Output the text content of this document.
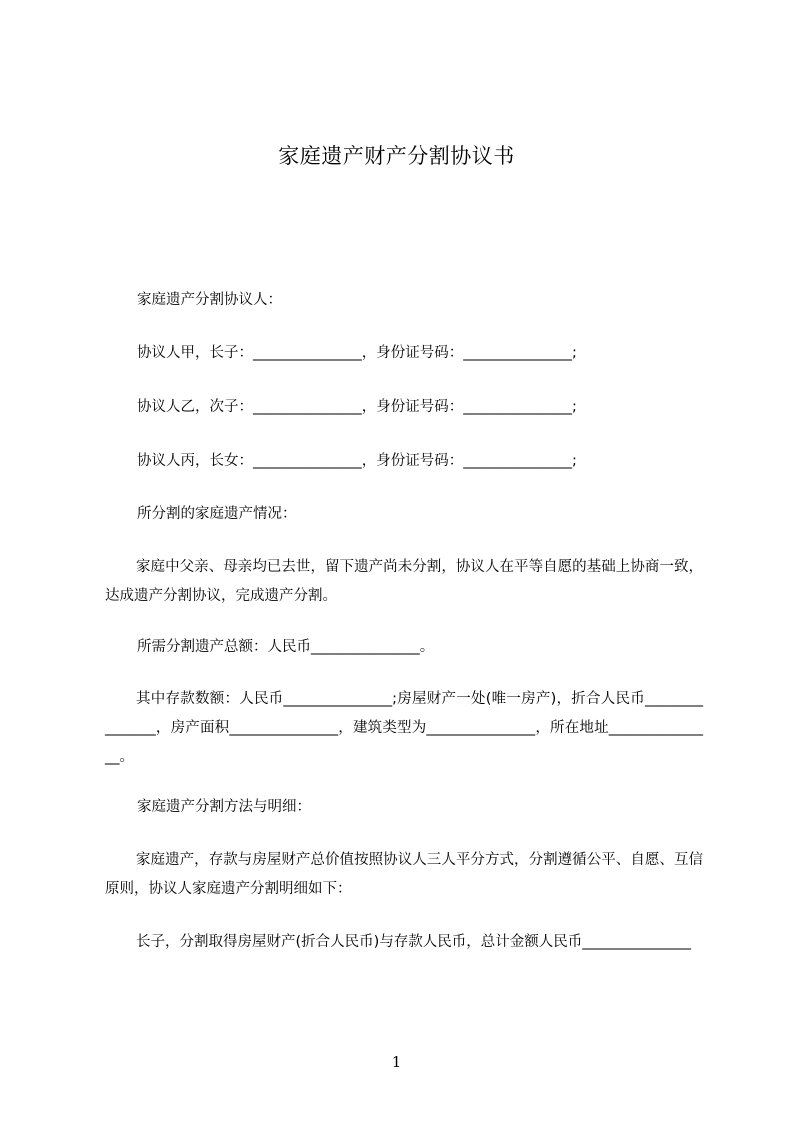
家庭遗产财产分割协议书
家庭遗产分割协议人：
协议人甲，长子：_______________，身份证号码：_______________;
协议人乙，次子：_______________，身份证号码：_______________;
协议人丙，长女：_______________，身份证号码：_______________;
所分割的家庭遗产情况：
家庭中父亲、母亲均已去世，留下遗产尚未分割，协议人在平等自愿的基础上协商一致，达成遗产分割协议，完成遗产分割。
所需分割遗产总额：人民币_______________。
其中存款数额：人民币_______________;房屋财产一处(唯一房产)，折合人民币_______________，房产面积_______________，建筑类型为_______________，所在地址_______________。
家庭遗产分割方法与明细：
家庭遗产，存款与房屋财产总价值按照协议人三人平分方式，分割遵循公平、自愿、互信原则，协议人家庭遗产分割明细如下：
长子，分割取得房屋财产(折合人民币)与存款人民币，总计金额人民币_______________
1
